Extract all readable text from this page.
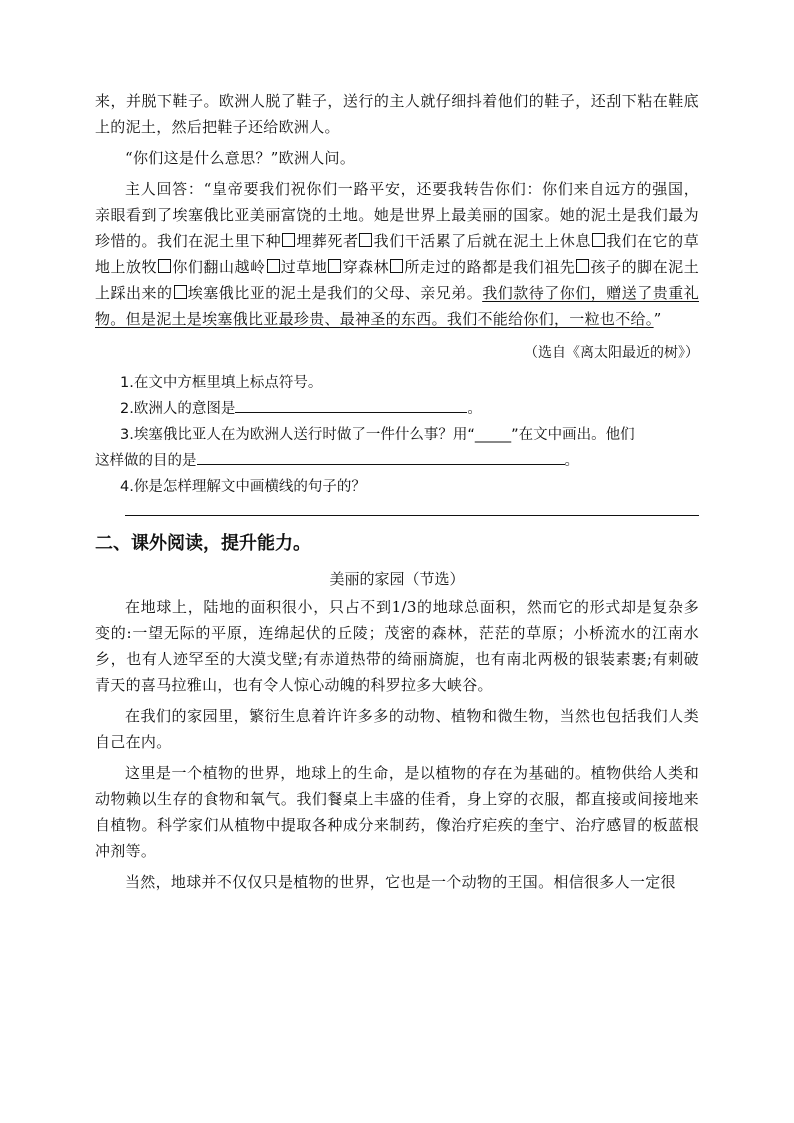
来，并脱下鞋子。欧洲人脱了鞋子，送行的主人就仔细抖着他们的鞋子，还刮下粘在鞋底上的泥土，然后把鞋子还给欧洲人。

“你们这是什么意思？”欧洲人问。

主人回答：“皇帝要我们祝你们一路平安，还要我转告你们：你们来自远方的强国，亲眼看到了埃塞俄比亚美丽富饶的土地。她是世界上最美丽的国家。她的泥土是我们最为珍惜的。我们在泥土里下种 埋葬死者 我们干活累了后就在泥土上休息 我们在它的草地上放牧 你们翻山越岭 过草地 穿森林 所走过的路都是我们祖先 孩子的脚在泥土上踩出来的 埃塞俄比亚的泥土是我们的父母、亲兄弟。我们款待了你们，赠送了贵重礼物。但是泥土是埃塞俄比亚最珍贵、最神圣的东西。我们不能给你们，一粒也不给。”

（选自《离太阳最近的树》）

1.在文中方框里填上标点符号。

2.欧洲人的意图是	。

3.埃塞俄比亚人在为欧洲人送行时做了一件什么事？用“_____”在文中画出。他们

这样做的目的是	。

4.你是怎样理解文中画横线的句子的？

二、课外阅读，提升能力。
美丽的家园（节选）

在地球上，陆地的面积很小，只占不到1/3的地球总面积，然而它的形式却是复杂多变的:一望无际的平原，连绵起伏的丘陵；茂密的森林，茫茫的草原；小桥流水的江南水乡，也有人迹罕至的大漠戈壁;有赤道热带的绮丽旖旎，也有南北两极的银装素裹;有刺破青天的喜马拉雅山，也有令人惊心动魄的科罗拉多大峡谷。

在我们的家园里，繁衍生息着许许多多的动物、植物和微生物，当然也包括我们人类自己在内。

这里是一个植物的世界，地球上的生命，是以植物的存在为基础的。植物供给人类和动物赖以生存的食物和氧气。我们餐桌上丰盛的佳肴，身上穿的衣服，都直接或间接地来自植物。科学家们从植物中提取各种成分来制药，像治疗疟疾的奎宁、治疗感冒的板蓝根冲剂等。

当然，地球并不仅仅只是植物的世界，它也是一个动物的王国。相信很多人一定很
